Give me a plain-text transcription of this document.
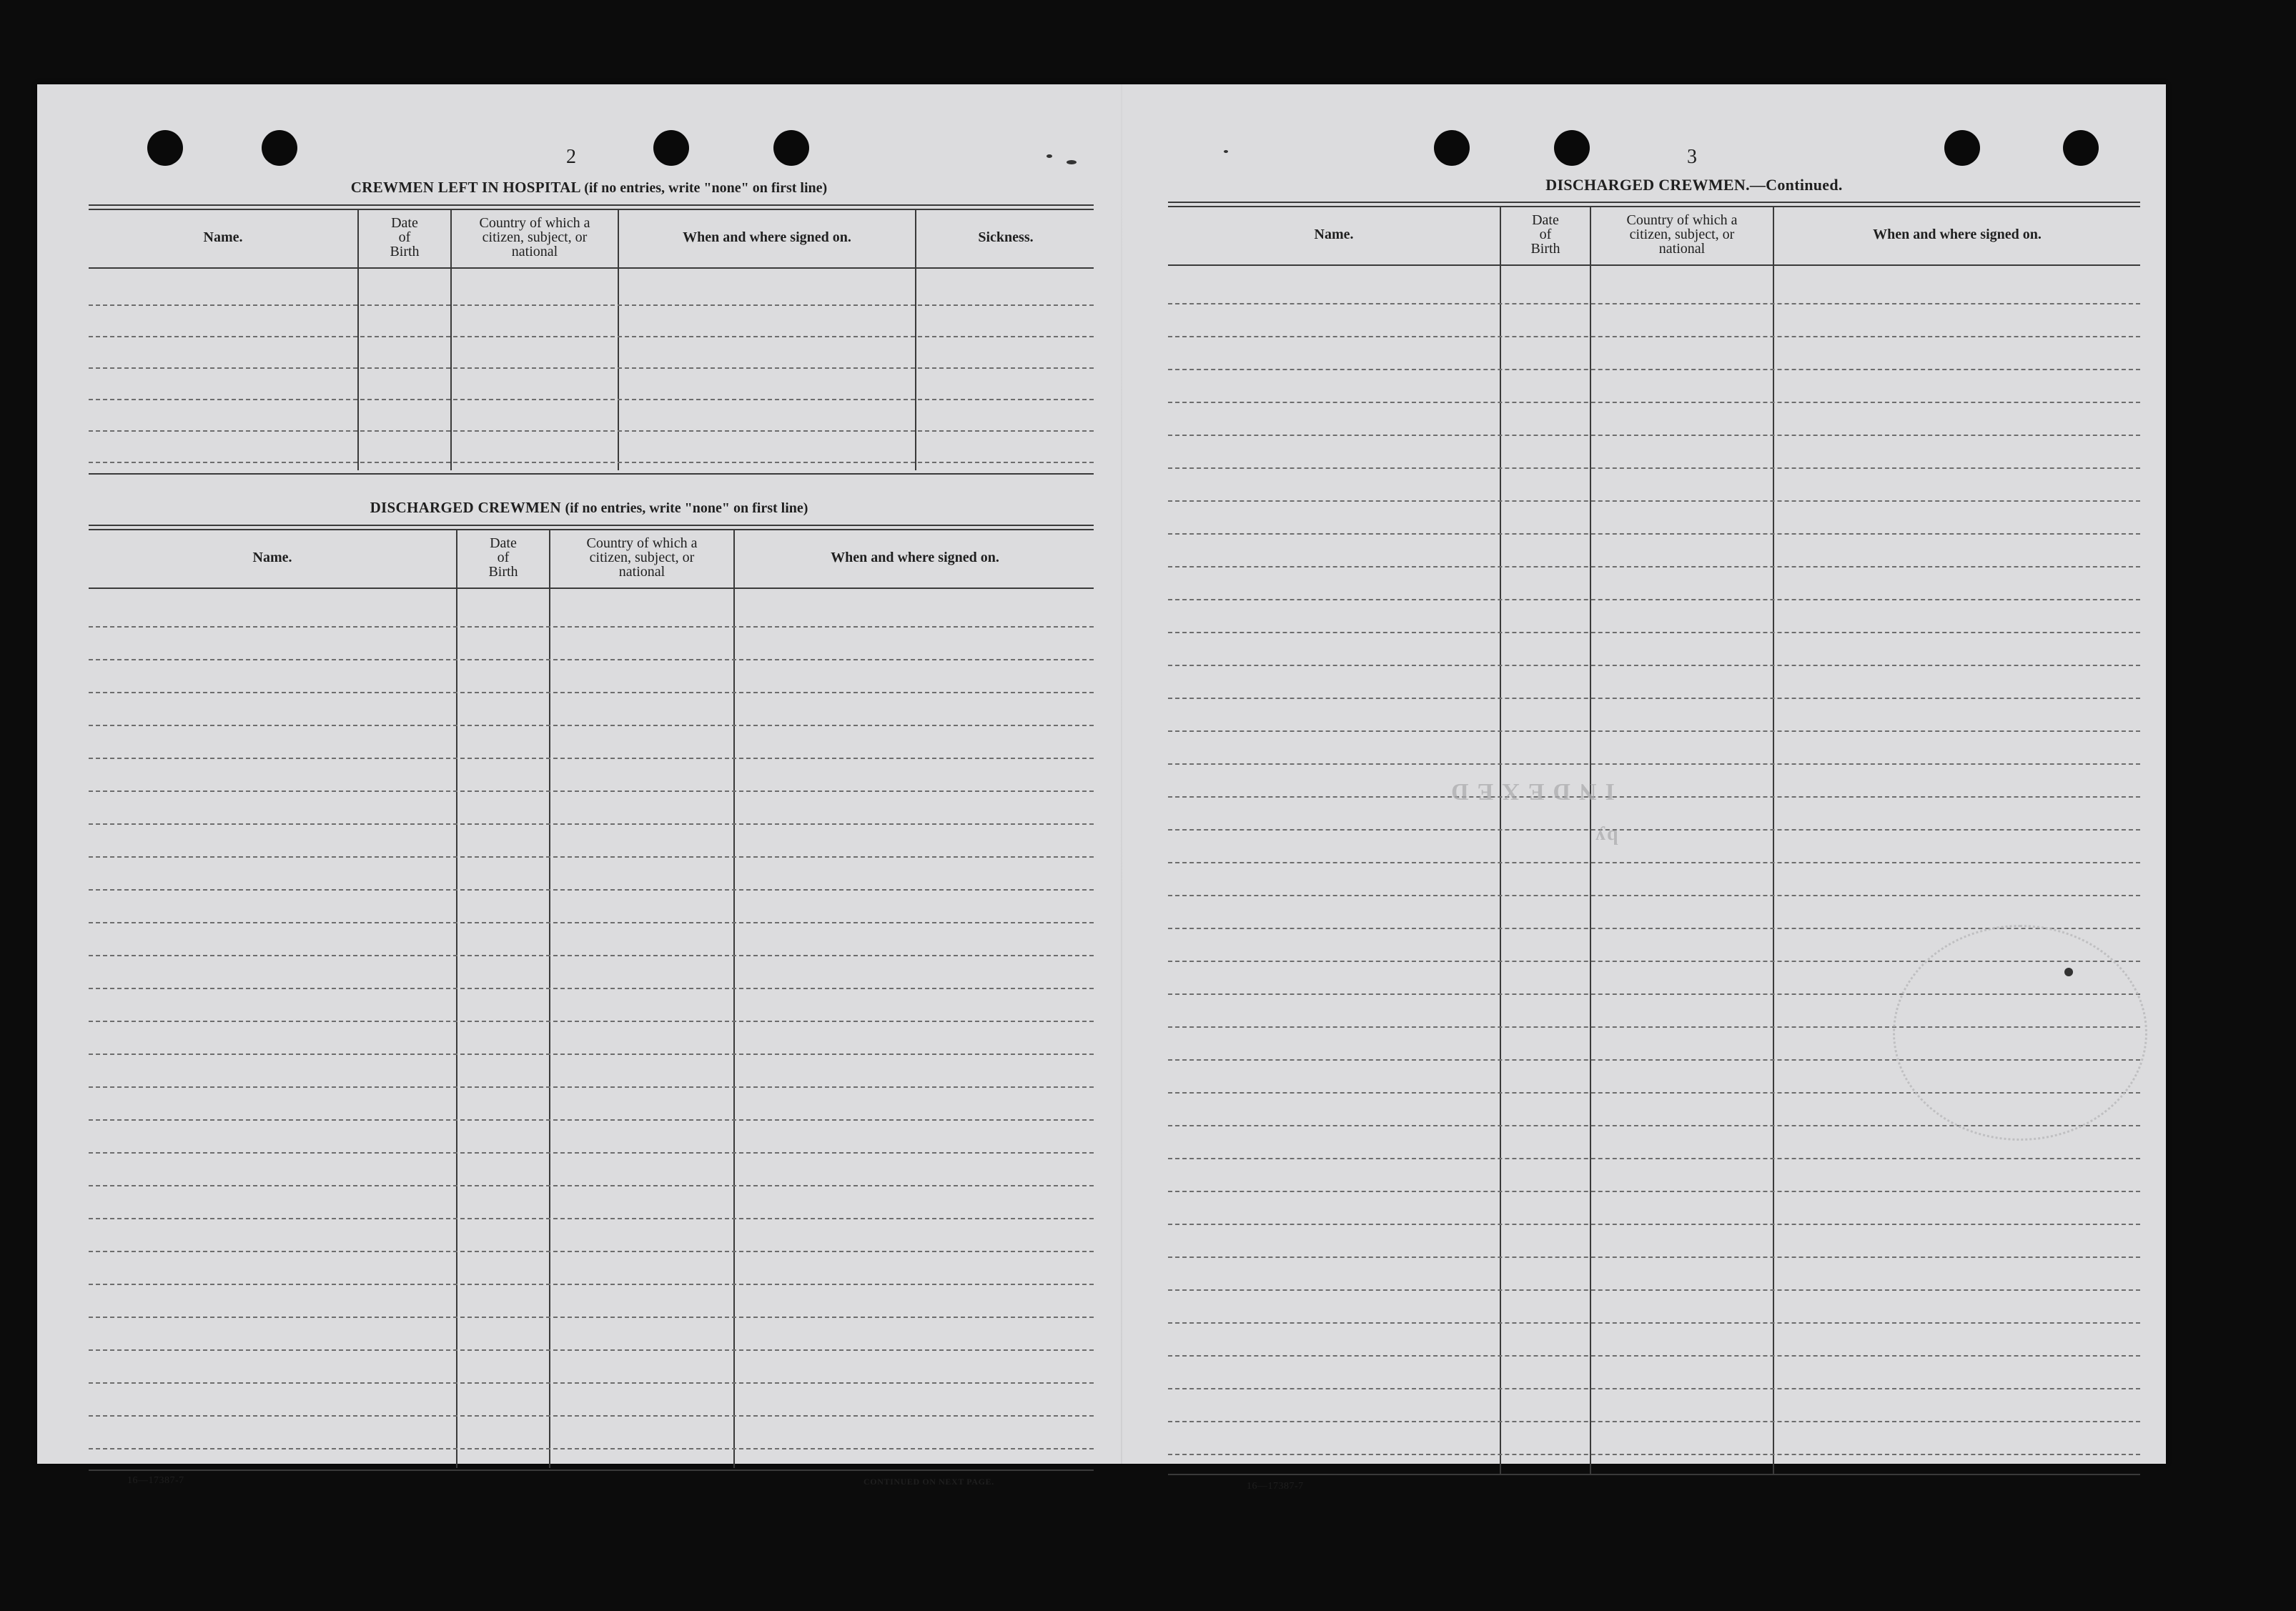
2
CREWMEN LEFT IN HOSPITAL (if no entries, write "none" on first line)
Name.
Date
of
Birth
Country of which a
citizen, subject, or
national
When and where signed on.	Sickness.
DISCHARGED CREWMEN (if no entries, write "none" on first line)
Name.
Date
of
Birth
Country of which a
citizen, subject, or
national
When and where signed on.
16—17387-7	CONTINUED ON NEXT PAGE.
3
DISCHARGED CREWMEN.—Continued.
Name.
Date
of
Birth
Country of which a
citizen, subject, or
national
When and where signed on.
16—17387-7
INDEXED
by
